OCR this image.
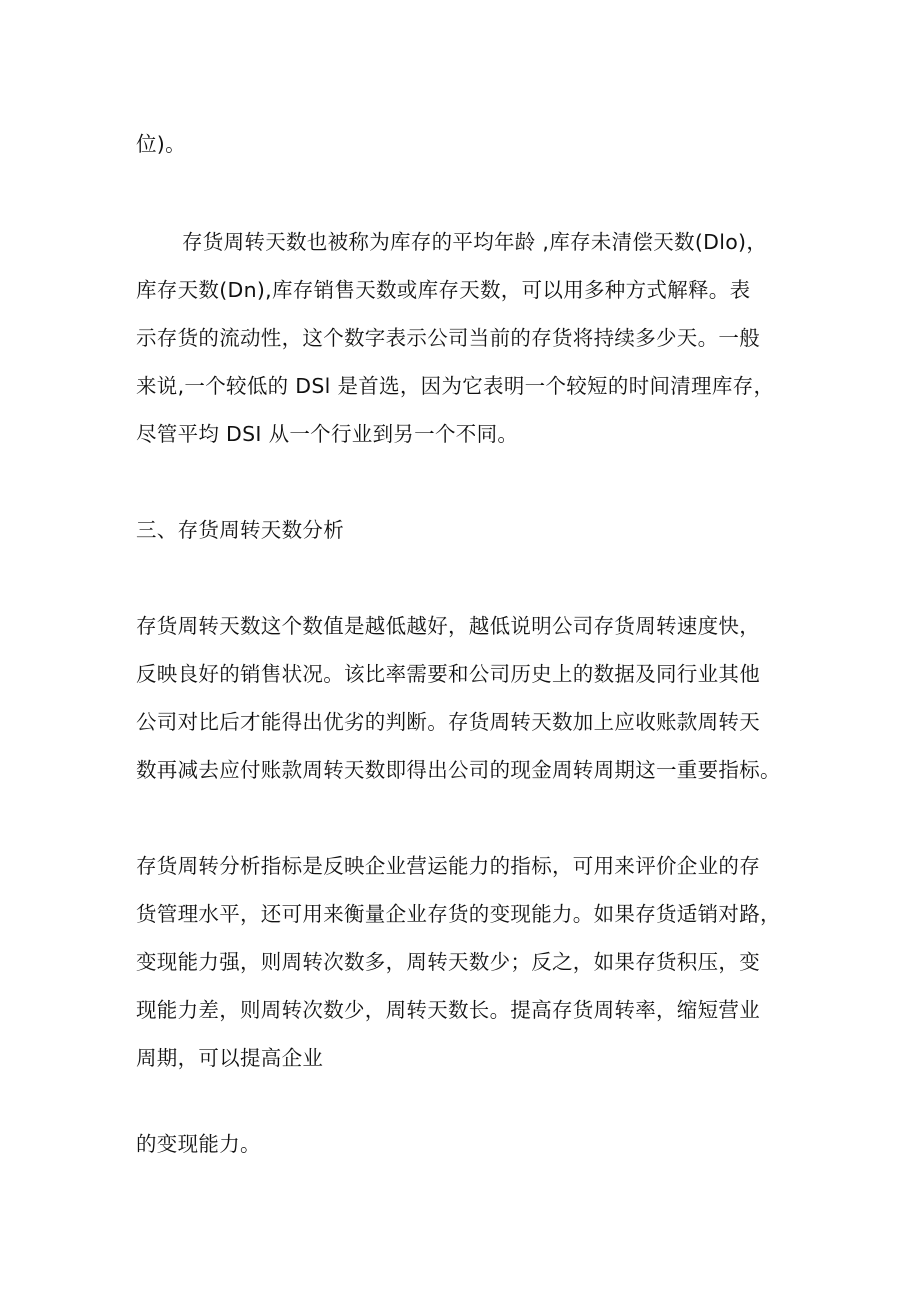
位)。
存货周转天数也被称为库存的平均年龄 ,库存未清偿天数(Dlo)，
库存天数(Dn),库存销售天数或库存天数，可以用多种方式解释。表
示存货的流动性，这个数字表示公司当前的存货将持续多少天。一般
来说,一个较低的 DSl 是首选，因为它表明一个较短的时间清理库存，
尽管平均 DSI 从一个行业到另一个不同。
三、存货周转天数分析
存货周转天数这个数值是越低越好，越低说明公司存货周转速度快，
反映良好的销售状况。该比率需要和公司历史上的数据及同行业其他
公司对比后才能得出优劣的判断。存货周转天数加上应收账款周转天
数再减去应付账款周转天数即得出公司的现金周转周期这一重要指标。
存货周转分析指标是反映企业营运能力的指标，可用来评价企业的存
货管理水平，还可用来衡量企业存货的变现能力。如果存货适销对路，
变现能力强，则周转次数多，周转天数少；反之，如果存货积压，变
现能力差，则周转次数少，周转天数长。提高存货周转率，缩短营业
周期，可以提高企业
的变现能力。
